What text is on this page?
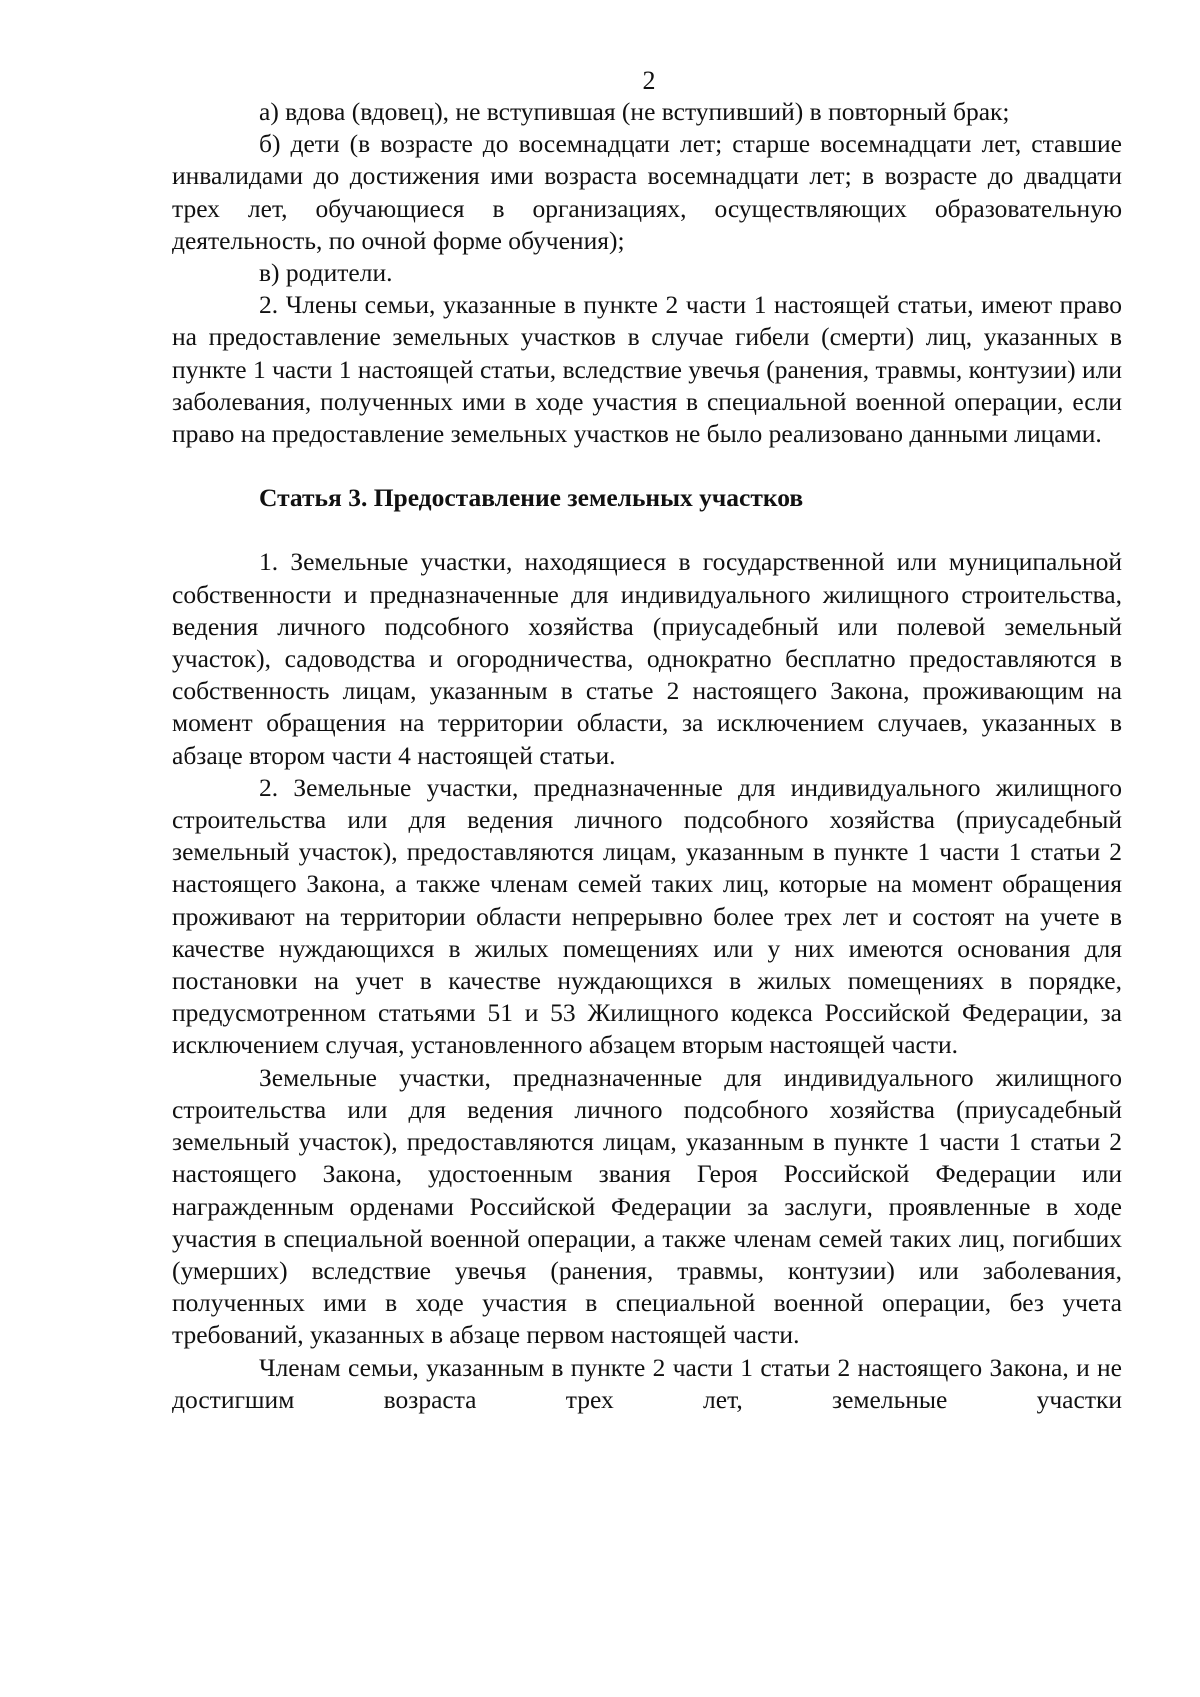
2

а) вдова (вдовец), не вступившая (не вступивший) в повторный брак;

б) дети (в возрасте до восемнадцати лет; старше восемнадцати лет, ставшие инвалидами до достижения ими возраста восемнадцати лет; в возрасте до двадцати трех лет, обучающиеся в организациях, осуществляющих образовательную деятельность, по очной форме обучения);

в) родители.

2. Члены семьи, указанные в пункте 2 части 1 настоящей статьи, имеют право на предоставление земельных участков в случае гибели (смерти) лиц, указанных в пункте 1 части 1 настоящей статьи, вследствие увечья (ранения, травмы, контузии) или заболевания, полученных ими в ходе участия в специальной военной операции, если право на предоставление земельных участков не было реализовано данными лицами.

Статья 3. Предоставление земельных участков

1. Земельные участки, находящиеся в государственной или муниципальной собственности и предназначенные для индивидуального жилищного строительства, ведения личного подсобного хозяйства (приусадебный или полевой земельный участок), садоводства и огородничества, однократно бесплатно предоставляются в собственность лицам, указанным в статье 2 настоящего Закона, проживающим на момент обращения на территории области, за исключением случаев, указанных в абзаце втором части 4 настоящей статьи.

2. Земельные участки, предназначенные для индивидуального жилищного строительства или для ведения личного подсобного хозяйства (приусадебный земельный участок), предоставляются лицам, указанным в пункте 1 части 1 статьи 2 настоящего Закона, а также членам семей таких лиц, которые на момент обращения проживают на территории области непрерывно более трех лет и состоят на учете в качестве нуждающихся в жилых помещениях или у них имеются основания для постановки на учет в качестве нуждающихся в жилых помещениях в порядке, предусмотренном статьями 51 и 53 Жилищного кодекса Российской Федерации, за исключением случая, установленного абзацем вторым настоящей части.

Земельные участки, предназначенные для индивидуального жилищного строительства или для ведения личного подсобного хозяйства (приусадебный земельный участок), предоставляются лицам, указанным в пункте 1 части 1 статьи 2 настоящего Закона, удостоенным звания Героя Российской Федерации или награжденным орденами Российской Федерации за заслуги, проявленные в ходе участия в специальной военной операции, а также членам семей таких лиц, погибших (умерших) вследствие увечья (ранения, травмы, контузии) или заболевания, полученных ими в ходе участия в специальной военной операции, без учета требований, указанных в абзаце первом настоящей части.

Членам семьи, указанным в пункте 2 части 1 статьи 2 настоящего Закона, и не достигшим возраста трех лет, земельные участки
